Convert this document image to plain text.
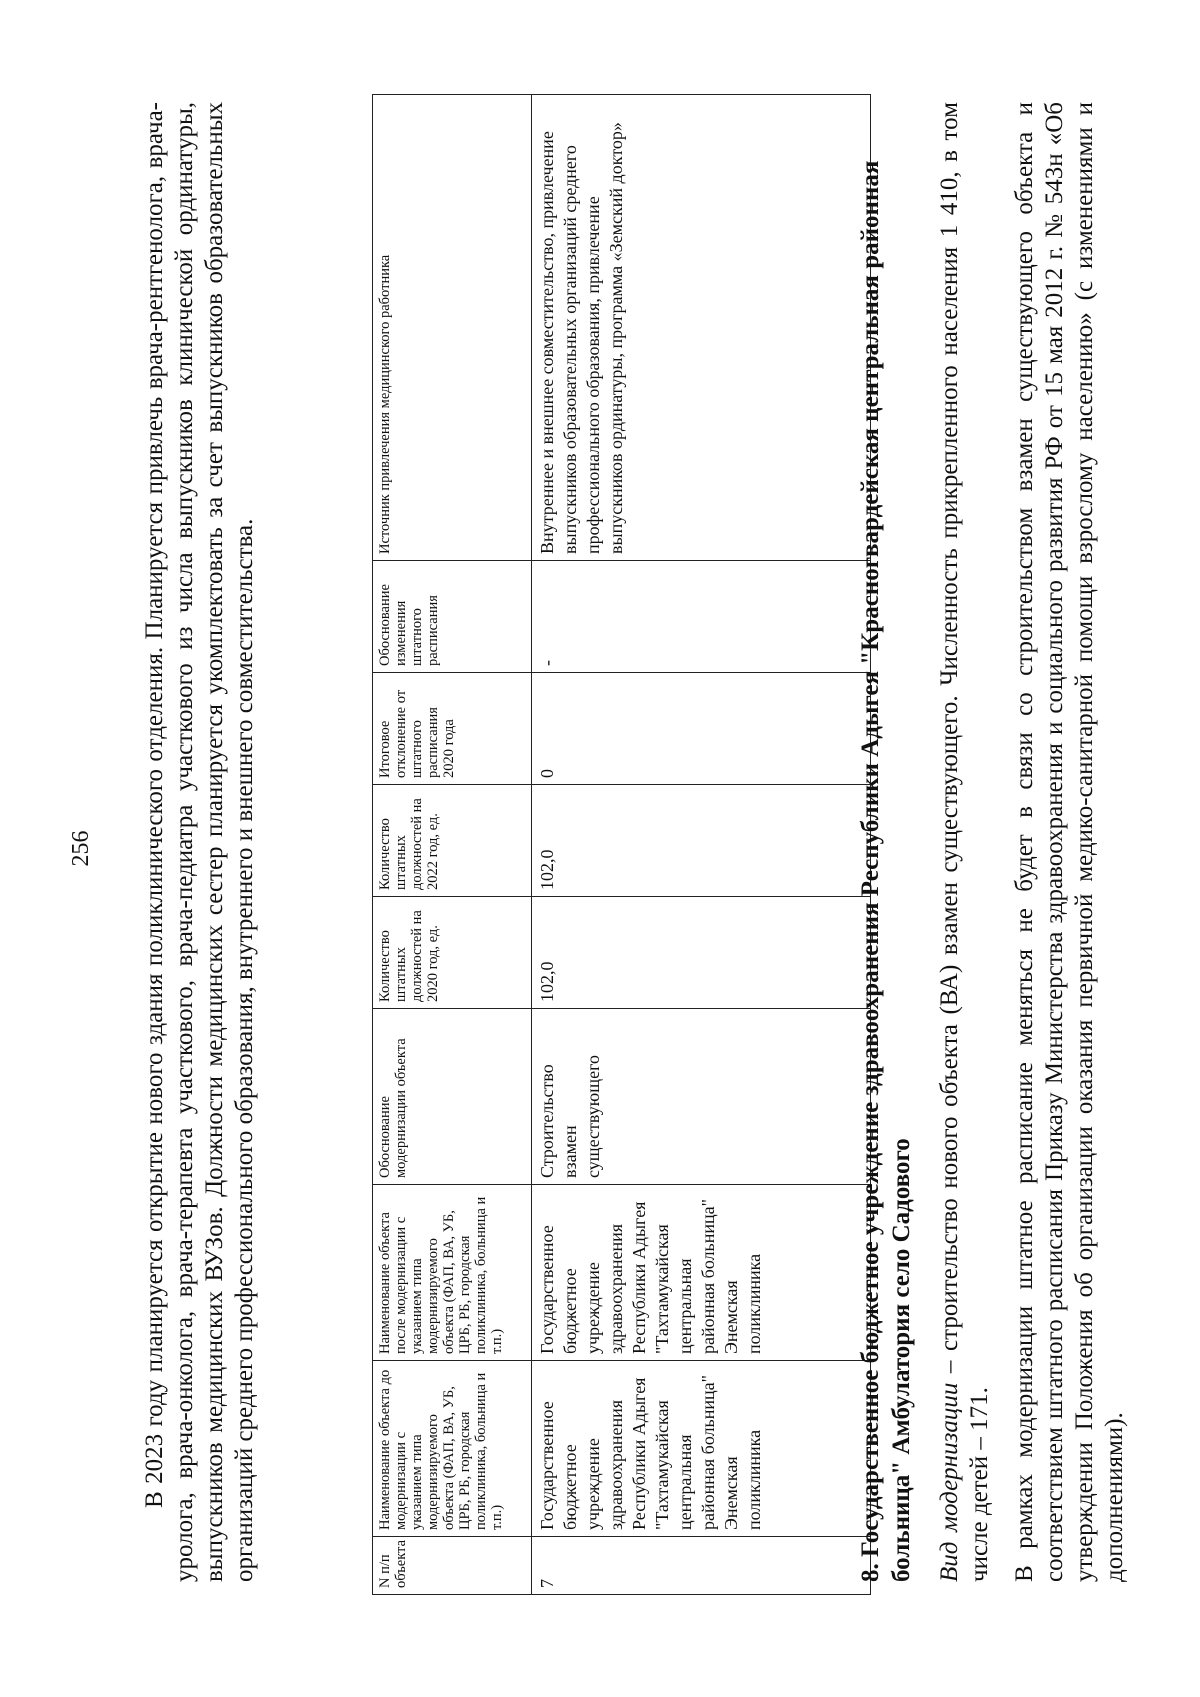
256 В 2023 году планируется открытие нового здания поликлинического отделения. Планируется привлечь врача-рентгенолога, врача-уролога, врача-онколога, врача-терапевта участкового, врача-педиатра участкового из числа выпускников клинической ординатуры, выпускников медицинских ВУЗов. Должности медицинских сестер планируется укомплектовать за счет выпускников образовательных организаций среднего профессионального образования, внутреннего и внешнего совместительства.	N п/п объекта	Наименование объекта до модернизации с указанием типа модернизируемого объекта (ФАП, ВА, УБ, ЦРБ, РБ, городская поликлиника, больница и т.п.)	Наименование объекта после модернизации с указанием типа модернизируемого объекта (ФАП, ВА, УБ, ЦРБ, РБ, городская поликлиника, больница и т.п.)	Обоснование модернизации объекта	Количество штатных должностей на 2020 год, ед.	Количество штатных должностей на 2022 год, ед.	Итоговое отклонение от штатного расписания 2020 года	Обоснование изменения штатного расписания	Источник привлечения медицинского работника
7	Государственное бюджетное учреждение здравоохранения Республики Адыгея "Тахтамукайская центральная районная больница" Энемская поликлиника	Государственное бюджетное учреждение здравоохранения Республики Адыгея "Тахтамукайская центральная районная больница" Энемская поликлиника	Строительство взамен существующего	102,0	102,0	0	-	Внутреннее и внешнее совместительство, привлечение выпускников образовательных организаций среднего профессионального образования, привлечение выпускников ординатуры, программа «Земский доктор»	8. Государственное бюджетное учреждение здравоохранения Республики Адыгея "Красногвардейская центральная районная больница" Амбулатория село Садового Вид модернизации – строительство нового объекта (ВА) взамен существующего. Численность прикрепленного населения 1 410, в том числе детей – 171. В рамках модернизации штатное расписание меняться не будет в связи со строительством взамен существующего объекта и соответствием штатного расписания Приказу Министерства здравоохранения и социального развития РФ от 15 мая 2012 г. № 543н «Об утверждении Положения об организации оказания первичной медико-санитарной помощи взрослому населению» (с изменениями и дополнениями).
